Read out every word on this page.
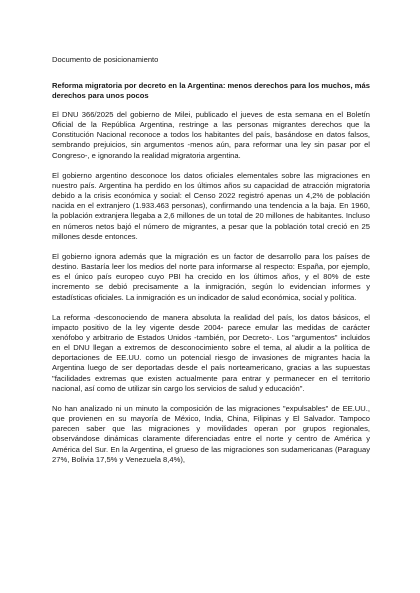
Documento de posicionamiento

Reforma migratoria por decreto en la Argentina: menos derechos para los muchos, más derechos para unos pocos

El DNU 366/2025 del gobierno de Milei, publicado el jueves de esta semana en el Boletín Oficial de la República Argentina, restringe a las personas migrantes derechos que la Constitución Nacional reconoce a todos los habitantes del país, basándose en datos falsos, sembrando prejuicios, sin argumentos -menos aún, para reformar una ley sin pasar por el Congreso-, e ignorando la realidad migratoria argentina.

El gobierno argentino desconoce los datos oficiales elementales sobre las migraciones en nuestro país. Argentina ha perdido en los últimos años su capacidad de atracción migratoria debido a la crisis económica y social: el Censo 2022 registró apenas un 4,2% de población nacida en el extranjero (1.933.463 personas), confirmando una tendencia a la baja. En 1960, la población extranjera llegaba a 2,6 millones de un total de 20 millones de habitantes. Incluso en números netos bajó el número de migrantes, a pesar que la población total creció en 25 millones desde entonces.

El gobierno ignora además que la migración es un factor de desarrollo para los países de destino. Bastaría leer los medios del norte para informarse al respecto: España, por ejemplo, es el único país europeo cuyo PBI ha crecido en los últimos años, y el 80% de este incremento se debió precisamente a la inmigración, según lo evidencian informes y estadísticas oficiales. La inmigración es un indicador de salud económica, social y política.

La reforma -desconociendo de manera absoluta la realidad del país, los datos básicos, el impacto positivo de la ley vigente desde 2004- parece emular las medidas de carácter xenófobo y arbitrario de Estados Unidos -también, por Decreto-. Los "argumentos" incluidos en el DNU llegan a extremos de desconocimiento sobre el tema, al aludir a la política de deportaciones de EE.UU. como un potencial riesgo de invasiones de migrantes hacia la Argentina luego de ser deportadas desde el país norteamericano, gracias a las supuestas "facilidades extremas que existen actualmente para entrar y permanecer en el territorio nacional, así como de utilizar sin cargo los servicios de salud y educación".

No han analizado ni un minuto la composición de las migraciones "expulsables" de EE.UU., que provienen en su mayoría de México, India, China, Filipinas y El Salvador. Tampoco parecen saber que las migraciones y movilidades operan por grupos regionales, observándose dinámicas claramente diferenciadas entre el norte y centro de América y América del Sur. En la Argentina, el grueso de las migraciones son sudamericanas (Paraguay 27%, Bolivia 17,5% y Venezuela 8,4%),
